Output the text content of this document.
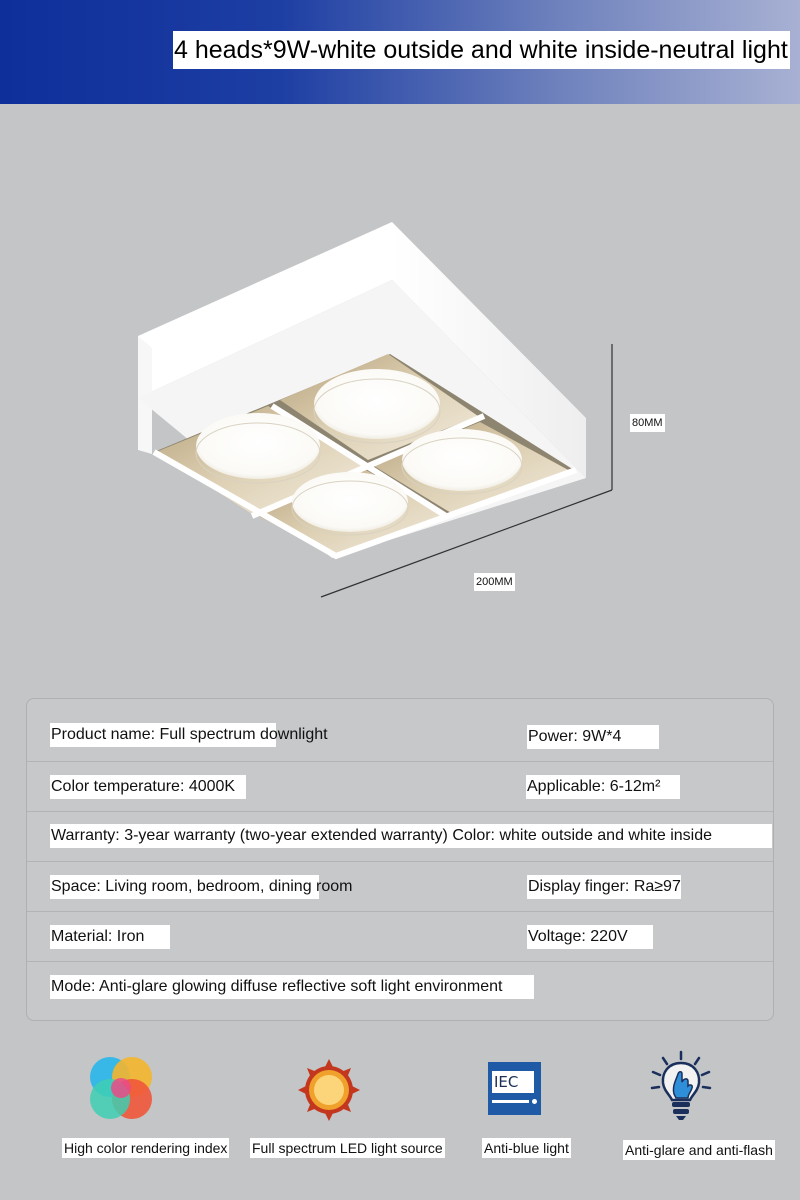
4 heads*9W-white outside and white inside-neutral light
80MM
200MM
Product name: Full spectrum downlight	Power: 9W*4
Color temperature: 4000K	Applicable: 6-12m²
Warranty: 3-year warranty (two-year extended warranty) Color: white outside and white inside
Space: Living room, bedroom, dining room	Display finger: Ra≥97
Material: Iron	Voltage: 220V
Mode: Anti-glare glowing diffuse reflective soft light environment
High color rendering index Full spectrum LED light source
IEC
Anti-blue light	Anti-glare and anti-flash
